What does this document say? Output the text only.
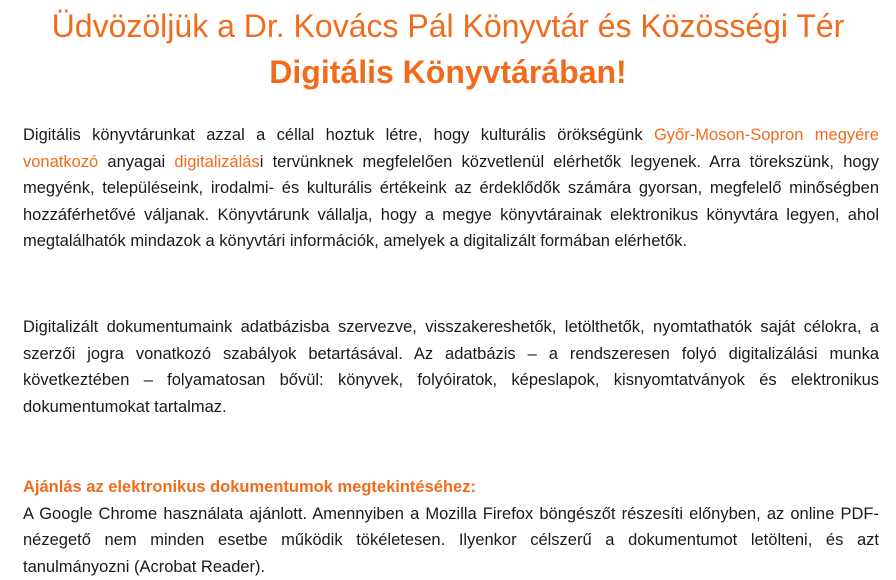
Üdvözöljük a Dr. Kovács Pál Könyvtár és Közösségi Tér
Digitális Könyvtárában!

Digitális könyvtárunkat azzal a céllal hoztuk létre, hogy kulturális örökségünk Győr-Moson-Sopron megyére vonatkozó anyagai digitalizálási tervünknek megfelelően közvetlenül elérhetők legyenek. Arra törekszünk, hogy megyénk, településeink, irodalmi- és kulturális értékeink az érdeklődők számára gyorsan, megfelelő minőségben hozzáférhetővé váljanak. Könyvtárunk vállalja, hogy a megye könyvtárainak elektronikus könyvtára legyen, ahol megtalálhatók mindazok a könyvtári információk, amelyek a digitalizált formában elérhetők.

Digitalizált dokumentumaink adatbázisba szervezve, visszakereshetők, letölthetők, nyomtathatók saját célokra, a szerzői jogra vonatkozó szabályok betartásával. Az adatbázis – a rendszeresen folyó digitalizálási munka következtében – folyamatosan bővül: könyvek, folyóiratok, képeslapok, kisnyomtatványok és elektronikus dokumentumokat tartalmaz.

Ajánlás az elektronikus dokumentumok megtekintéséhez:
A Google Chrome használata ajánlott. Amennyiben a Mozilla Firefox böngészőt részesíti előnyben, az online PDF-nézegető nem minden esetbe működik tökéletesen. Ilyenkor célszerű a dokumentumot letölteni, és azt tanulmányozni (Acrobat Reader).
